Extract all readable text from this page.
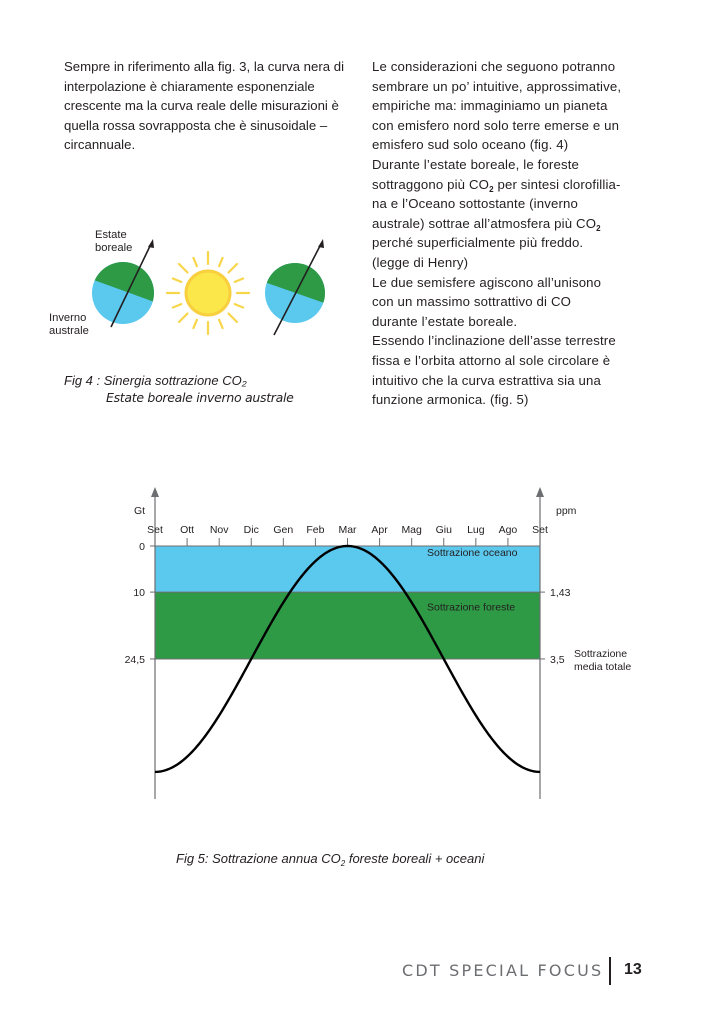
Sempre in riferimento alla fig. 3, la curva nera di interpolazione è chiaramente esponenziale crescente ma la curva reale delle misurazioni è quella rossa sovrapposta che è sinusoidale – circannuale.
Le considerazioni che seguono potranno
sembrare un po’ intuitive, approssimative,
empiriche ma: immaginiamo un pianeta
con emisfero nord solo terre emerse e un
emisfero sud solo oceano (fig. 4)
Durante l’estate boreale, le foreste
sottraggono più $CO_2$ per sintesi clorofillia-
na e l’Oceano sottostante (inverno
australe) sottrae all’atmosfera più $CO_2$
perché superficialmente più freddo.
(legge di Henry)
Le due semisfere agiscono all’unisono
con un massimo sottrattivo di CO
durante l’estate boreale.
Essendo l’inclinazione dell’asse terrestre
fissa e l’orbita attorno al sole circolare è
intuitivo che la curva estrattiva sia una
funzione armonica. (fig. 5)
Estate
boreale
Inverno
australe
Fig 4 : Sinergia sottrazione CO₂
Estate boreale inverno australe
Sottrazione oceano
Sottrazione foreste
Gt	ppm
Set Ott Nov Dic Gen Feb Mar Apr Mag Giu Lug Ago Set
0
10
24,5
1,43
3,5 Sottrazione
media totale
Fig 5: Sottrazione annua $CO_2$ foreste boreali + oceani
CDT SPECIAL FOCUS 13
